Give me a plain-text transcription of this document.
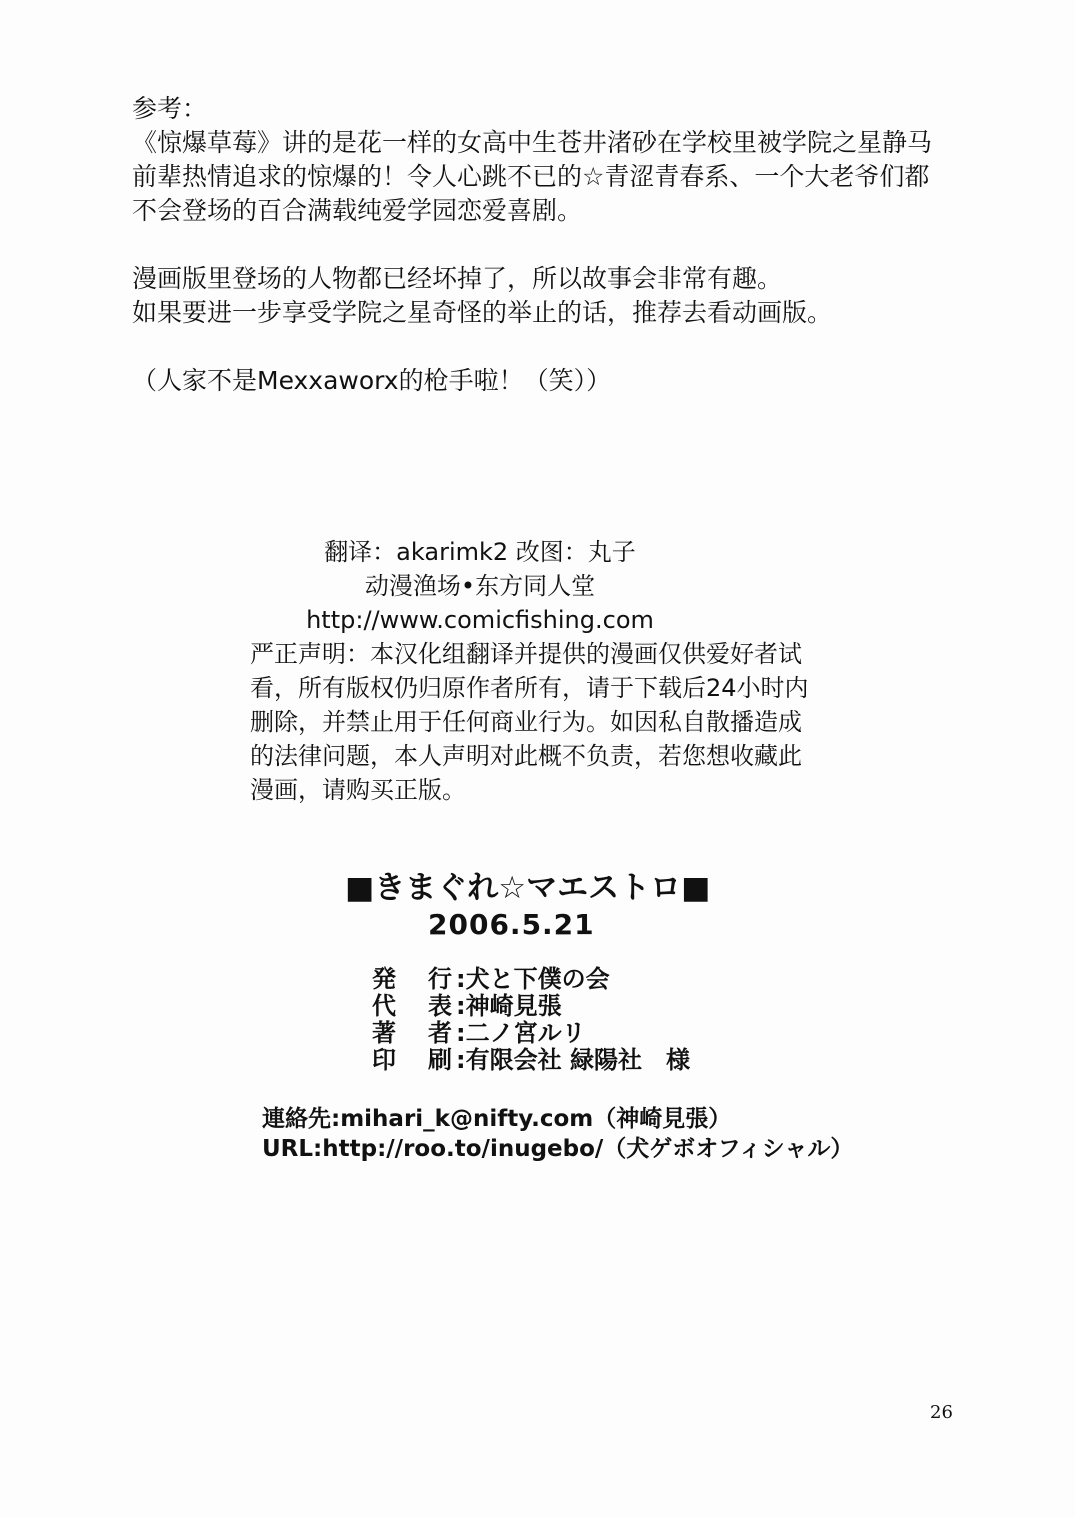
参考：
《惊爆草莓》讲的是花一样的女高中生苍井渚砂在学校里被学院之星静马
前辈热情追求的惊爆的！令人心跳不已的☆青涩青春系、一个大老爷们都
不会登场的百合满载纯爱学园恋爱喜剧。
漫画版里登场的人物都已经坏掉了，所以故事会非常有趣。
如果要进一步享受学院之星奇怪的举止的话，推荐去看动画版。
（人家不是Mexxaworx的枪手啦！（笑））
翻译：akarimk2 改图：丸子
动漫渔场•东方同人堂
http://www.comicfishing.com
严正声明：本汉化组翻译并提供的漫画仅供爱好者试
看，所有版权仍归原作者所有，请于下载后24小时内
删除，并禁止用于任何商业行为。如因私自散播造成
的法律问题，本人声明对此概不负责，若您想收藏此
漫画，请购买正版。
■きまぐれ☆マエストロ■
2006.5.21
発 行 : 犬と下僕の会
代 表 : 神崎見張
著 者 : 二ノ宮ルリ
印 刷 : 有限会社 緑陽社　様
連絡先:mihari_k@nifty.com（神崎見張）
URL:http://roo.to/inugebo/（犬ゲボオフィシャル）
26
